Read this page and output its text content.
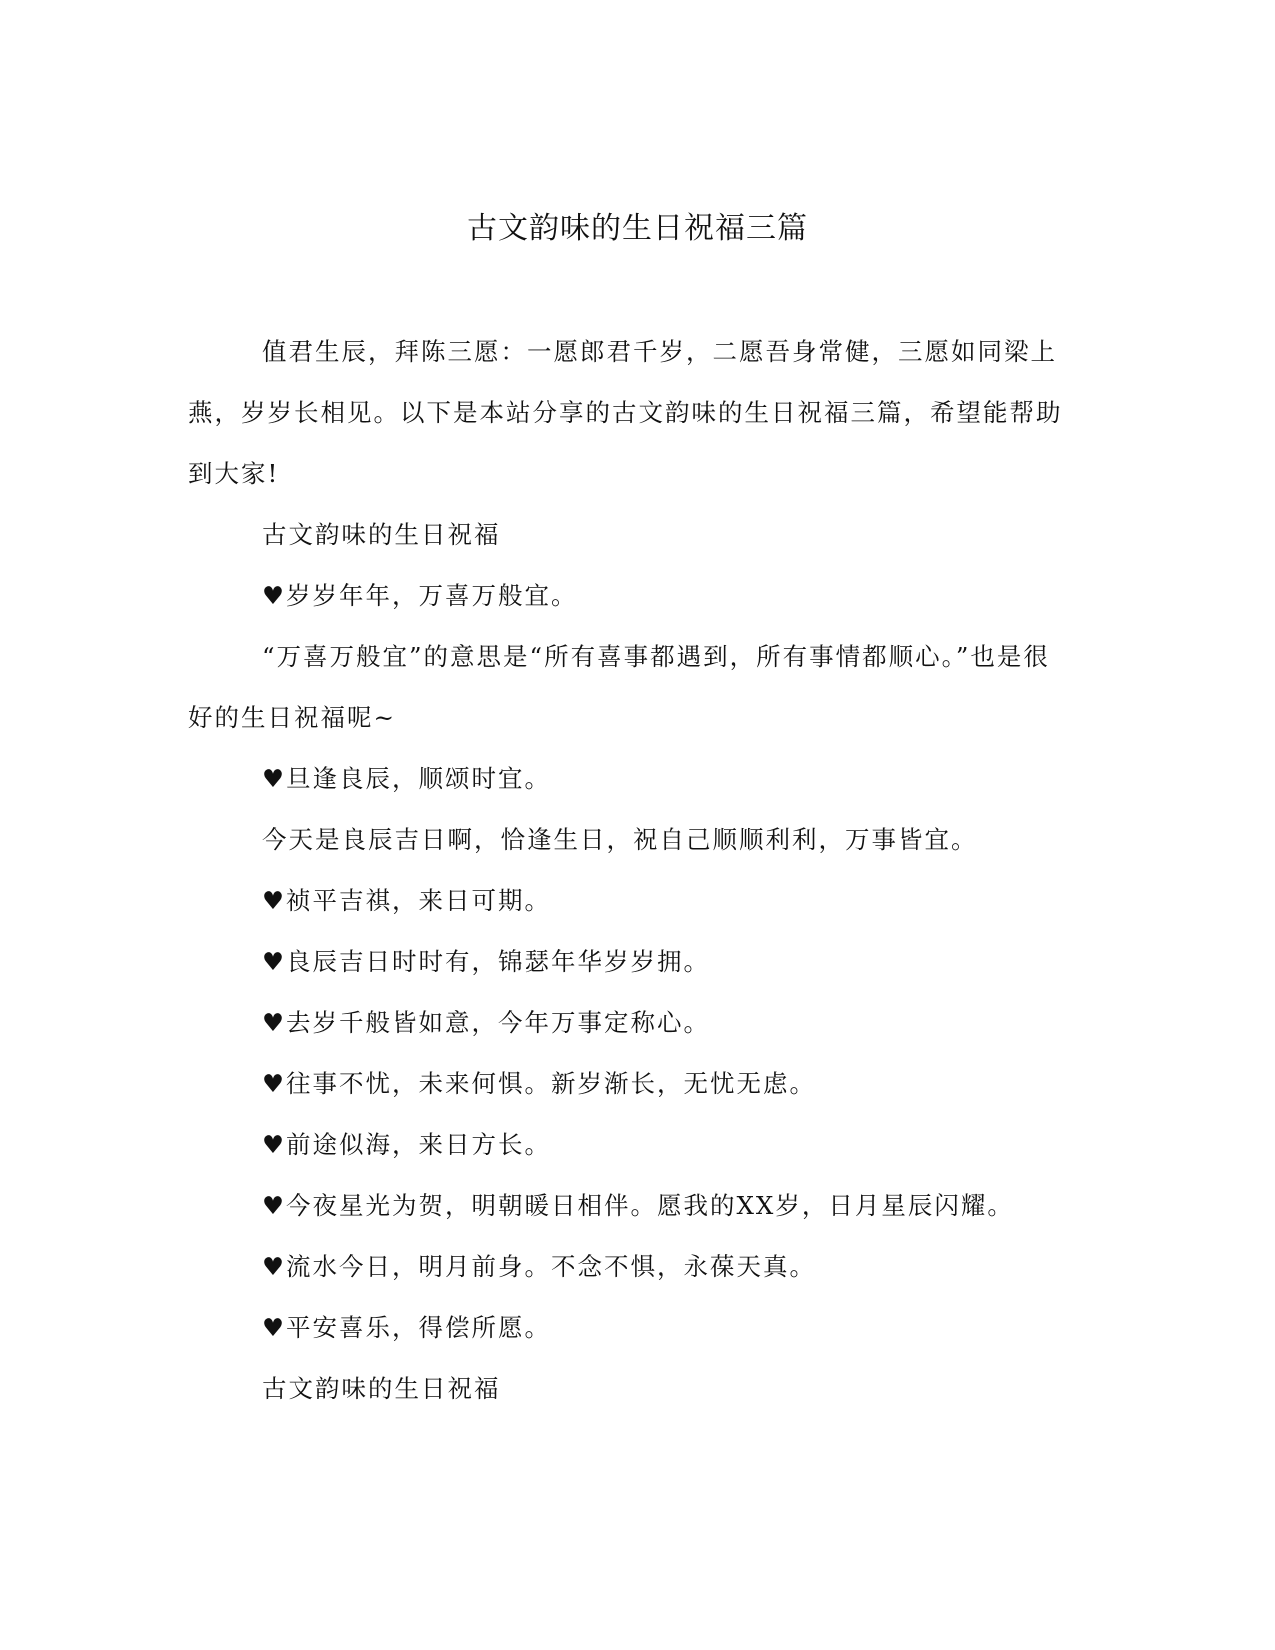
古文韵味的生日祝福三篇

值君生辰，拜陈三愿：一愿郎君千岁，二愿吾身常健，三愿如同梁上燕，岁岁长相见。以下是本站分享的古文韵味的生日祝福三篇，希望能帮助到大家!

古文韵味的生日祝福

♥岁岁年年，万喜万般宜。

“万喜万般宜”的意思是“所有喜事都遇到，所有事情都顺心。”也是很好的生日祝福呢~

♥旦逢良辰，顺颂时宜。

今天是良辰吉日啊，恰逢生日，祝自己顺顺利利，万事皆宜。

♥祯平吉祺，来日可期。

♥良辰吉日时时有，锦瑟年华岁岁拥。

♥去岁千般皆如意，今年万事定称心。

♥往事不忧，未来何惧。新岁渐长，无忧无虑。

♥前途似海，来日方长。

♥今夜星光为贺，明朝暖日相伴。愿我的XX岁，日月星辰闪耀。

♥流水今日，明月前身。不念不惧，永葆天真。

♥平安喜乐，得偿所愿。

古文韵味的生日祝福
